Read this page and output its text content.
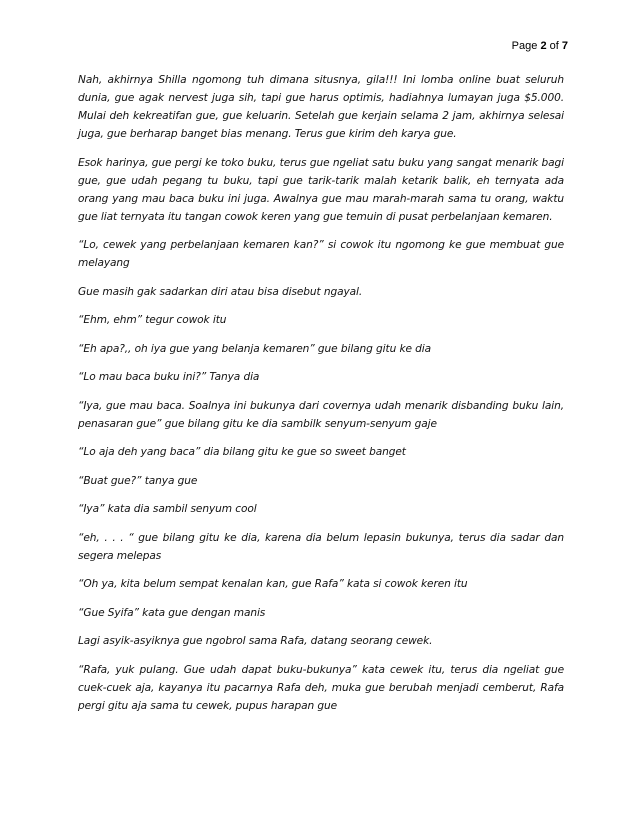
Page 2 of 7

Nah, akhirnya Shilla ngomong tuh dimana situsnya, gila!!! Ini lomba online buat seluruh dunia, gue agak nervest juga sih, tapi gue harus optimis, hadiahnya lumayan juga $5.000. Mulai deh kekreatifan gue, gue keluarin. Setelah gue kerjain selama 2 jam, akhirnya selesai juga, gue berharap banget bias menang. Terus gue kirim deh karya gue.

Esok harinya, gue pergi ke toko buku, terus gue ngeliat satu buku yang sangat menarik bagi gue, gue udah pegang tu buku, tapi gue tarik-tarik malah ketarik balik, eh ternyata ada orang yang mau baca buku ini juga. Awalnya gue mau marah-marah sama tu orang, waktu gue liat ternyata itu tangan cowok keren yang gue temuin di pusat perbelanjaan kemaren.

“Lo, cewek yang perbelanjaan kemaren kan?” si cowok itu ngomong ke gue membuat gue melayang

Gue masih gak sadarkan diri atau bisa disebut ngayal.

“Ehm, ehm” tegur cowok itu

“Eh apa?,, oh iya gue yang belanja kemaren” gue bilang gitu ke dia

“Lo mau baca buku ini?” Tanya dia

“Iya, gue mau baca. Soalnya ini bukunya dari covernya udah menarik disbanding buku lain, penasaran gue” gue bilang gitu ke dia sambilk senyum-senyum gaje

“Lo aja deh yang baca” dia bilang gitu ke gue so sweet banget

“Buat gue?” tanya gue

“Iya” kata dia sambil senyum cool

“eh, . . . “ gue bilang gitu ke dia, karena dia belum lepasin bukunya, terus dia sadar dan segera melepas

“Oh ya, kita belum sempat kenalan kan, gue Rafa” kata si cowok keren itu

“Gue Syifa” kata gue dengan manis

Lagi asyik-asyiknya gue ngobrol sama Rafa, datang seorang cewek.

“Rafa, yuk pulang. Gue udah dapat buku-bukunya” kata cewek itu, terus dia ngeliat gue cuek-cuek aja, kayanya itu pacarnya Rafa deh, muka gue berubah menjadi cemberut, Rafa pergi gitu aja sama tu cewek, pupus harapan gue
